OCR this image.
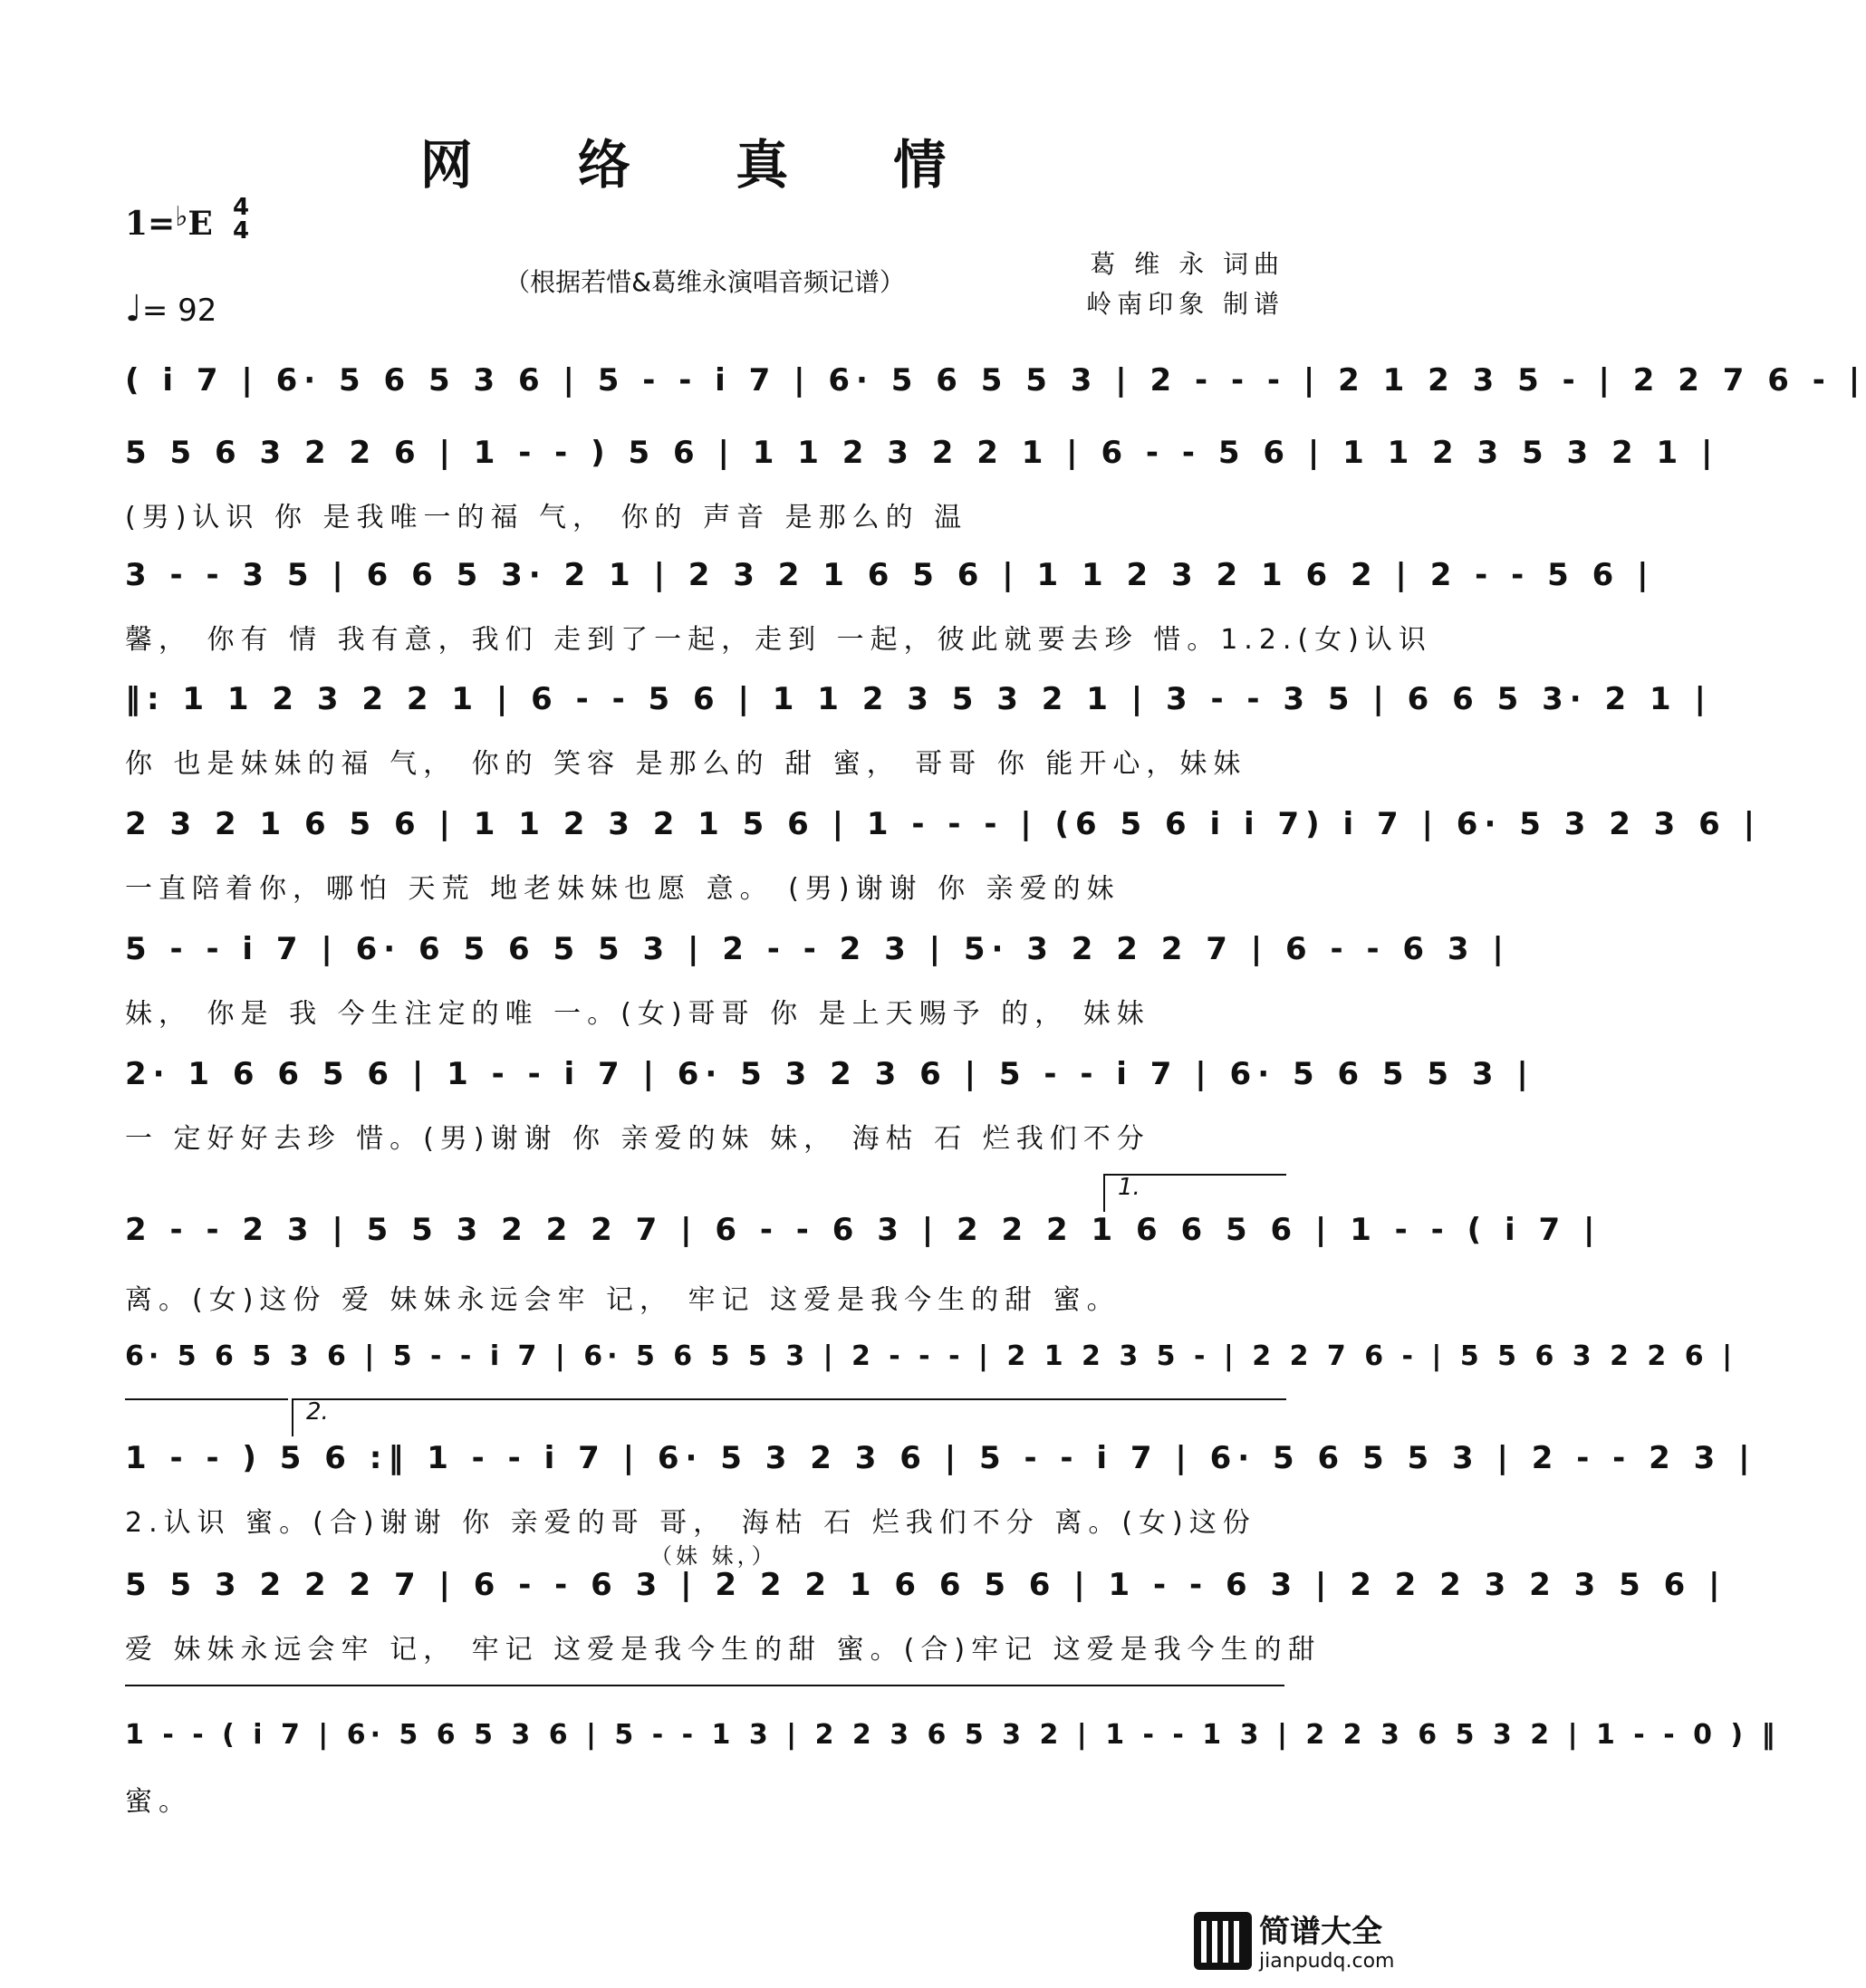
网 络 真 情
1=♭E 4
4
♩= 92
（根据若惜&葛维永演唱音频记谱）
葛 维 永 词曲
岭南印象 制谱
( i 7 | 6· 5 6 5 3 6 | 5 - - i 7 | 6· 5 6 5 5 3 | 2 - - - | 2 1 2 3 5 - | 2 2 7 6 - |
5 5 6 3 2 2 6 | 1 - - ) 5 6 | 1 1 2 3 2 2 1 | 6 - - 5 6 | 1 1 2 3 5 3 2 1 |
(男)认识 你 是我唯一的福 气， 你的 声音 是那么的 温
3 - - 3 5 | 6 6 5 3· 2 1 | 2 3 2 1 6 5 6 | 1 1 2 3 2 1 6 2 | 2 - - 5 6 |
馨， 你有 情 我有意，我们 走到了一起，走到 一起，彼此就要去珍 惜。1.2.(女)认识
‖: 1 1 2 3 2 2 1 | 6 - - 5 6 | 1 1 2 3 5 3 2 1 | 3 - - 3 5 | 6 6 5 3· 2 1 |
你 也是妹妹的福 气， 你的 笑容 是那么的 甜 蜜， 哥哥 你 能开心，妹妹
2 3 2 1 6 5 6 | 1 1 2 3 2 1 5 6 | 1 - - - | (6 5 6 i i 7) i 7 | 6· 5 3 2 3 6 |
一直陪着你，哪怕 天荒 地老妹妹也愿 意。 (男)谢谢 你 亲爱的妹
5 - - i 7 | 6· 6 5 6 5 5 3 | 2 - - 2 3 | 5· 3 2 2 2 7 | 6 - - 6 3 |
妹， 你是 我 今生注定的唯 一。(女)哥哥 你 是上天赐予 的， 妹妹
2· 1 6 6 5 6 | 1 - - i 7 | 6· 5 3 2 3 6 | 5 - - i 7 | 6· 5 6 5 5 3 |
一 定好好去珍 惜。(男)谢谢 你 亲爱的妹 妹， 海枯 石 烂我们不分
1.
2 - - 2 3 | 5 5 3 2 2 2 7 | 6 - - 6 3 | 2 2 2 1 6 6 5 6 | 1 - - ( i 7 |
离。(女)这份 爱 妹妹永远会牢 记， 牢记 这爱是我今生的甜 蜜。
6· 5 6 5 3 6 | 5 - - i 7 | 6· 5 6 5 5 3 | 2 - - - | 2 1 2 3 5 - | 2 2 7 6 - | 5 5 6 3 2 2 6 |
2.
1 - - ) 5 6 :‖ 1 - - i 7 | 6· 5 3 2 3 6 | 5 - - i 7 | 6· 5 6 5 5 3 | 2 - - 2 3 |
2.认识 蜜。(合)谢谢 你 亲爱的哥 哥， 海枯 石 烂我们不分 离。(女)这份
（妹 妹，）
5 5 3 2 2 2 7 | 6 - - 6 3 | 2 2 2 1 6 6 5 6 | 1 - - 6 3 | 2 2 2 3 2 3 5 6 |
爱 妹妹永远会牢 记， 牢记 这爱是我今生的甜 蜜。(合)牢记 这爱是我今生的甜
1 - - ( i 7 | 6· 5 6 5 3 6 | 5 - - 1 3 | 2 2 3 6 5 3 2 | 1 - - 1 3 | 2 2 3 6 5 3 2 | 1 - - 0 ) ‖
蜜。
简谱大全
jianpudq.com
